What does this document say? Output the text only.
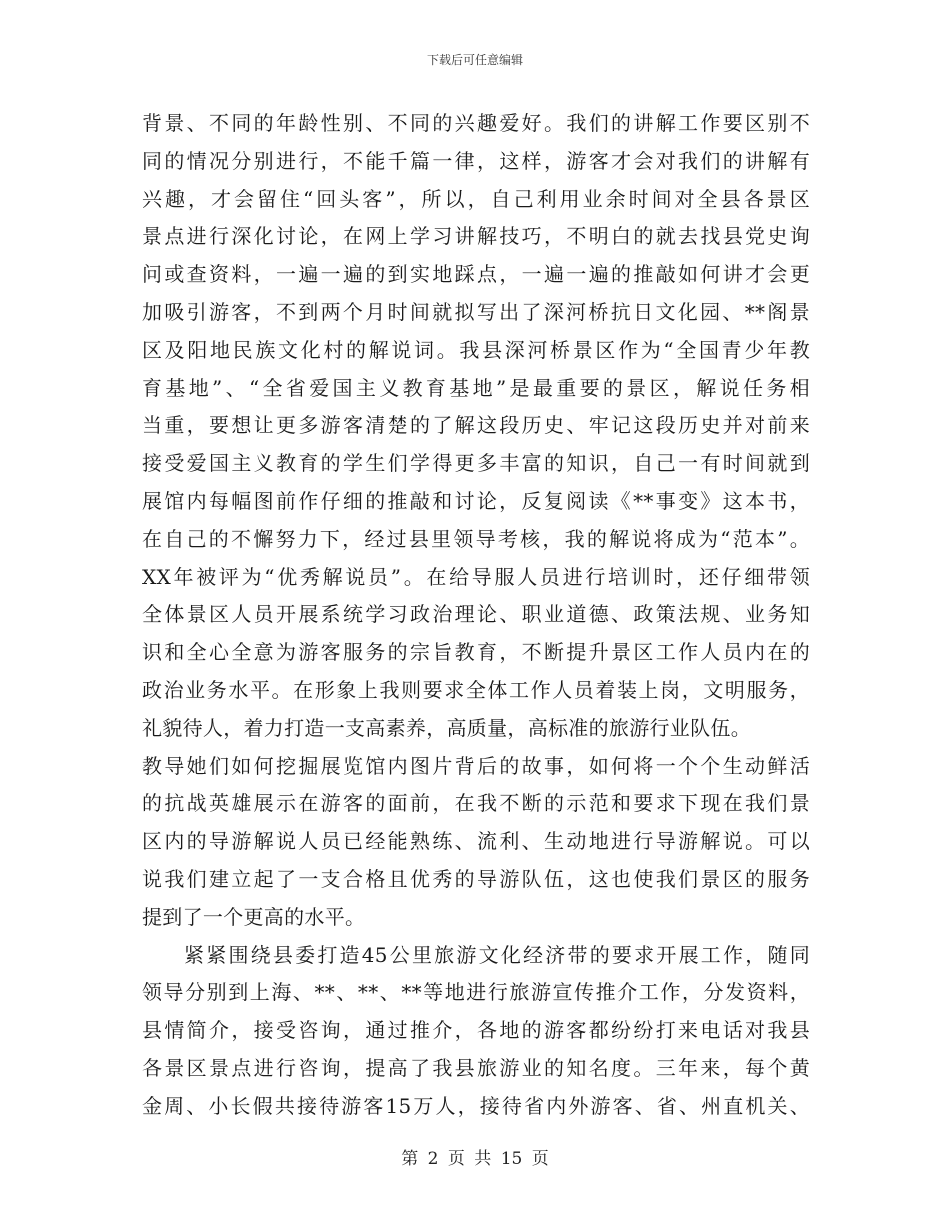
下载后可任意编辑
背景、不同的年龄性别、不同的兴趣爱好。我们的讲解工作要区别不
同的情况分别进行，不能千篇一律，这样，游客才会对我们的讲解有
兴趣，才会留住“回头客”，所以，自己利用业余时间对全县各景区
景点进行深化讨论，在网上学习讲解技巧，不明白的就去找县党史询
问或查资料，一遍一遍的到实地踩点，一遍一遍的推敲如何讲才会更
加吸引游客，不到两个月时间就拟写出了深河桥抗日文化园、**阁景
区及阳地民族文化村的解说词。我县深河桥景区作为“全国青少年教
育基地”、“全省爱国主义教育基地”是最重要的景区，解说任务相
当重，要想让更多游客清楚的了解这段历史、牢记这段历史并对前来
接受爱国主义教育的学生们学得更多丰富的知识，自己一有时间就到
展馆内每幅图前作仔细的推敲和讨论，反复阅读《**事变》这本书，
在自己的不懈努力下，经过县里领导考核，我的解说将成为“范本”。
XX年被评为“优秀解说员”。在给导服人员进行培训时，还仔细带领
全体景区人员开展系统学习政治理论、职业道德、政策法规、业务知
识和全心全意为游客服务的宗旨教育，不断提升景区工作人员内在的
政治业务水平。在形象上我则要求全体工作人员着装上岗，文明服务，
礼貌待人，着力打造一支高素养，高质量，高标准的旅游行业队伍。
教导她们如何挖掘展览馆内图片背后的故事，如何将一个个生动鲜活
的抗战英雄展示在游客的面前，在我不断的示范和要求下现在我们景
区内的导游解说人员已经能熟练、流利、生动地进行导游解说。可以
说我们建立起了一支合格且优秀的导游队伍，这也使我们景区的服务
提到了一个更高的水平。
紧紧围绕县委打造45公里旅游文化经济带的要求开展工作，随同
领导分别到上海、**、**、**等地进行旅游宣传推介工作，分发资料，
县情简介，接受咨询，通过推介，各地的游客都纷纷打来电话对我县
各景区景点进行咨询，提高了我县旅游业的知名度。三年来，每个黄
金周、小长假共接待游客15万人，接待省内外游客、省、州直机关、
第 2 页 共 15 页
